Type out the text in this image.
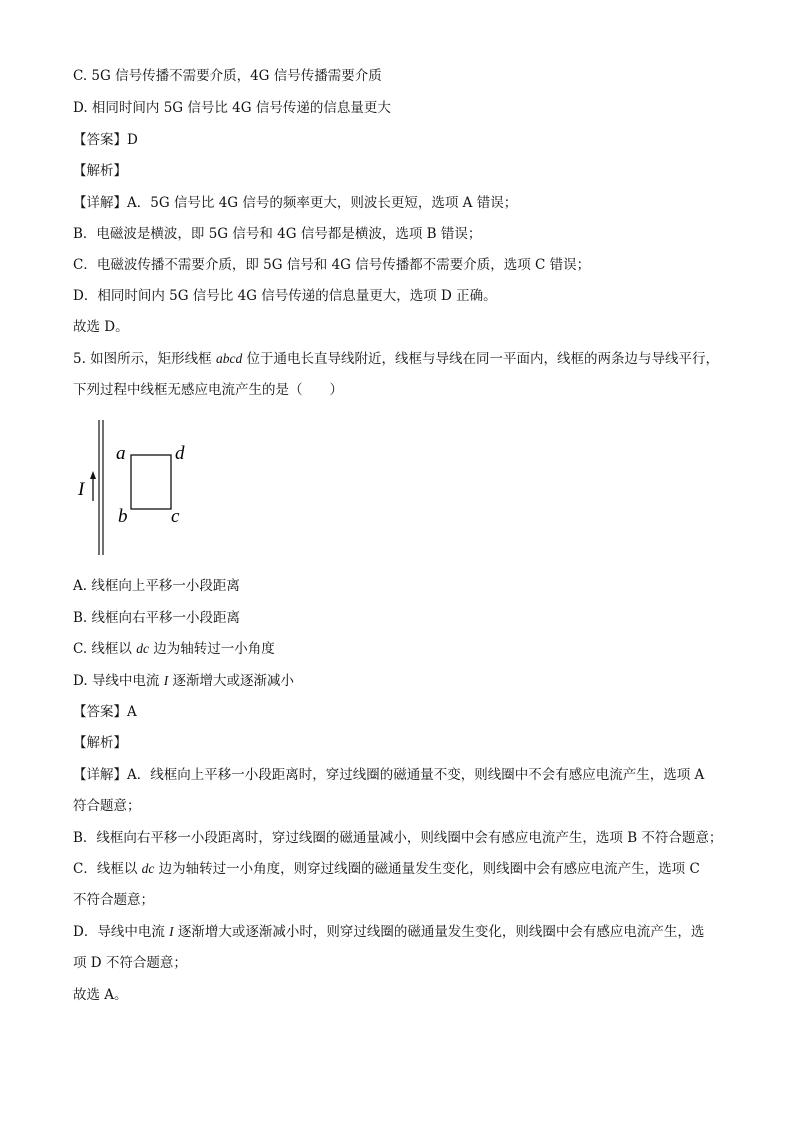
C. 5G 信号传播不需要介质，4G 信号传播需要介质
D. 相同时间内 5G 信号比 4G 信号传递的信息量更大
【答案】D
【解析】
【详解】A．5G 信号比 4G 信号的频率更大，则波长更短，选项 A 错误；
B．电磁波是横波，即 5G 信号和 4G 信号都是横波，选项 B 错误；
C．电磁波传播不需要介质，即 5G 信号和 4G 信号传播都不需要介质，选项 C 错误；
D．相同时间内 5G 信号比 4G 信号传递的信息量更大，选项 D 正确。
故选 D。
5. 如图所示，矩形线框 abcd 位于通电长直导线附近，线框与导线在同一平面内，线框的两条边与导线平行，
下列过程中线框无感应电流产生的是（　　）
I
a	d
b c
A. 线框向上平移一小段距离
B. 线框向右平移一小段距离
C. 线框以 dc 边为轴转过一小角度
D. 导线中电流 I 逐渐增大或逐渐减小
【答案】A
【解析】
【详解】A．线框向上平移一小段距离时，穿过线圈的磁通量不变，则线圈中不会有感应电流产生，选项 A
符合题意；
B．线框向右平移一小段距离时，穿过线圈的磁通量减小，则线圈中会有感应电流产生，选项 B 不符合题意；
C．线框以 dc 边为轴转过一小角度，则穿过线圈的磁通量发生变化，则线圈中会有感应电流产生，选项 C
不符合题意；
D．导线中电流 I 逐渐增大或逐渐减小时，则穿过线圈的磁通量发生变化，则线圈中会有感应电流产生，选
项 D 不符合题意；
故选 A。
